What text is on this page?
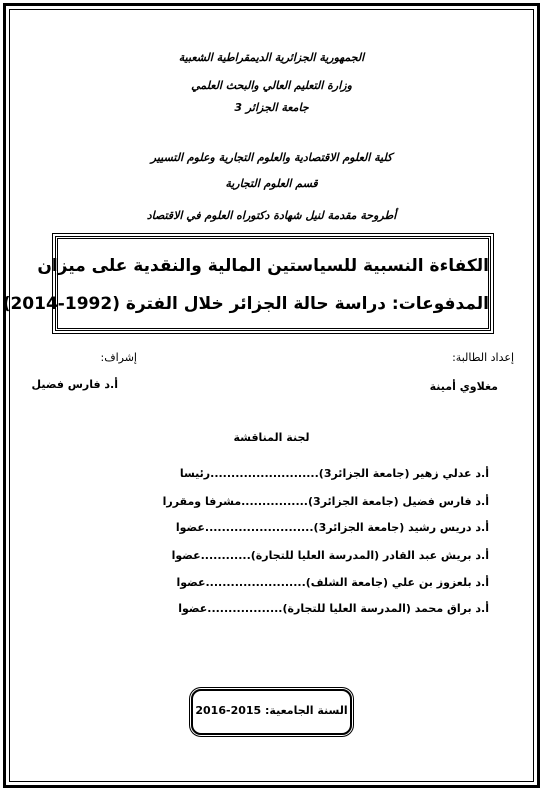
الجمهورية الجزائرية الديمقراطية الشعبية
وزارة التعليم العالي والبحث العلمي
جامعة الجزائر 3
كلية العلوم الاقتصادية والعلوم التجارية وعلوم التسيير
قسم العلوم التجارية
أطروحة مقدمة لنيل شهادة دكتوراه العلوم في الاقتصاد
الكفاءة النسبية للسياستين المالية والنقدية على ميزان
المدفوعات: دراسة حالة الجزائر خلال الفترة (1992-2014)
إعداد الطالبة:
مغلاوي أمينة
إشراف:
أ.د فارس فضيل
لجنة المناقشة
أ.د عدلي زهير (جامعة الجزائر3)..........................رئيسا
أ.د فارس فضيل (جامعة الجزائر3)................مشرفا ومقررا
أ.د دريس رشيد (جامعة الجزائر3)..........................عضوا
أ.د بريش عبد القادر (المدرسة العليا للتجارة)............عضوا
أ.د بلعزوز بن علي (جامعة الشلف)........................عضوا
أ.د براق محمد (المدرسة العليا للتجارة)..................عضوا
السنة الجامعية: 2015-2016
